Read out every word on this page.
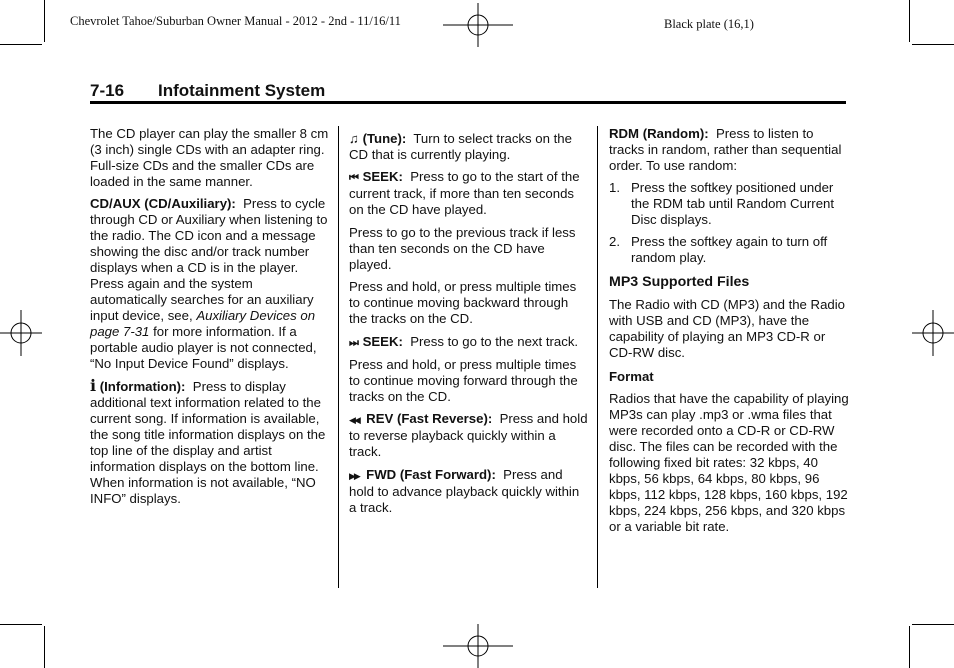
Chevrolet Tahoe/Suburban Owner Manual - 2012 - 2nd - 11/16/11	Black plate (16,1)
7-16 Infotainment System

The CD player can play the smaller 8 cm (3 inch) single CDs with an adapter ring. Full-size CDs and the smaller CDs are loaded in the same manner.

CD/AUX (CD/Auxiliary): Press to cycle through CD or Auxiliary when listening to the radio. The CD icon and a message showing the disc and/or track number displays when a CD is in the player. Press again and the system automatically searches for an auxiliary input device, see, Auxiliary Devices on page 7-31 for more information. If a portable audio player is not connected, “No Input Device Found” displays.

ℹ (Information): Press to display additional text information related to the current song. If information is available, the song title information displays on the top line of the display and artist information displays on the bottom line. When information is not available, “NO INFO” displays.

♫ (Tune): Turn to select tracks on the CD that is currently playing.

⏮ SEEK: Press to go to the start of the current track, if more than ten seconds on the CD have played.

Press to go to the previous track if less than ten seconds on the CD have played.

Press and hold, or press multiple times to continue moving backward through the tracks on the CD.

⏭ SEEK: Press to go to the next track.

Press and hold, or press multiple times to continue moving forward through the tracks on the CD.

◀◀ REV (Fast Reverse): Press and hold to reverse playback quickly within a track.

▶▶ FWD (Fast Forward): Press and hold to advance playback quickly within a track.

RDM (Random): Press to listen to tracks in random, rather than sequential order. To use random:

1. Press the softkey positioned under the RDM tab until Random Current Disc displays.
2. Press the softkey again to turn off random play.
MP3 Supported Files

The Radio with CD (MP3) and the Radio with USB and CD (MP3), have the capability of playing an MP3 CD-R or CD-RW disc.

Format

Radios that have the capability of playing MP3s can play .mp3 or .wma files that were recorded onto a CD-R or CD-RW disc. The files can be recorded with the following fixed bit rates: 32 kbps, 40 kbps, 56 kbps, 64 kbps, 80 kbps, 96 kbps, 112 kbps, 128 kbps, 160 kbps, 192 kbps, 224 kbps, 256 kbps, and 320 kbps or a variable bit rate.
